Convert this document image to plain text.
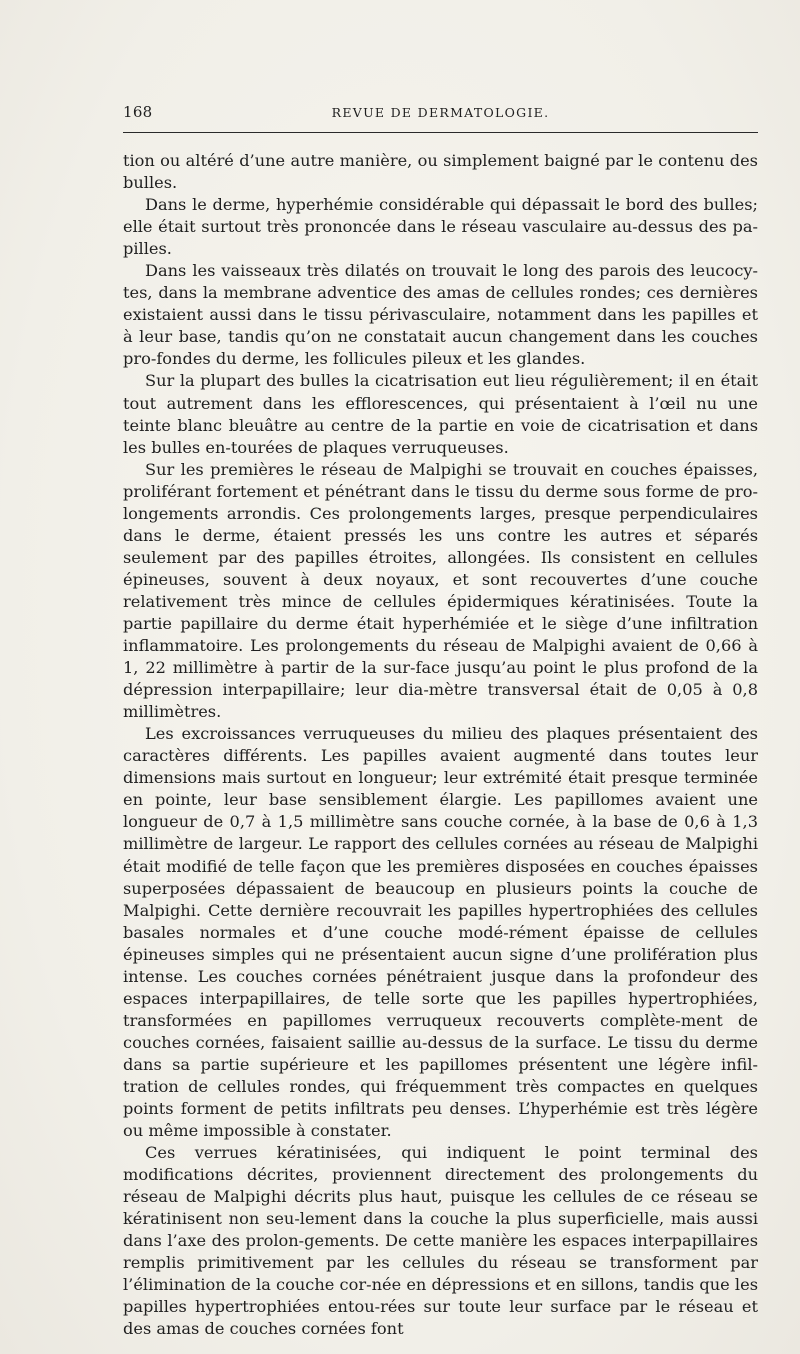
168	REVUE DE DERMATOLOGIE.

tion ou altéré d’une autre manière, ou simplement baigné par le contenu des bulles.

Dans le derme, hyperhémie considérable qui dépassait le bord des bulles; elle était surtout très prononcée dans le réseau vasculaire au-dessus des pa-pilles.

Dans les vaisseaux très dilatés on trouvait le long des parois des leucocy-tes, dans la membrane adventice des amas de cellules rondes; ces dernières existaient aussi dans le tissu périvasculaire, notamment dans les papilles et à leur base, tandis qu’on ne constatait aucun changement dans les couches pro-fondes du derme, les follicules pileux et les glandes.

Sur la plupart des bulles la cicatrisation eut lieu régulièrement; il en était tout autrement dans les efflorescences, qui présentaient à l’œil nu une teinte blanc bleuâtre au centre de la partie en voie de cicatrisation et dans les bulles en-tourées de plaques verruqueuses.

Sur les premières le réseau de Malpighi se trouvait en couches épaisses, proliférant fortement et pénétrant dans le tissu du derme sous forme de pro-longements arrondis. Ces prolongements larges, presque perpendiculaires dans le derme, étaient pressés les uns contre les autres et séparés seulement par des papilles étroites, allongées. Ils consistent en cellules épineuses, souvent à deux noyaux, et sont recouvertes d’une couche relativement très mince de cellules épidermiques kératinisées. Toute la partie papillaire du derme était hyperhémiée et le siège d’une infiltration inflammatoire. Les prolongements du réseau de Malpighi avaient de 0,66 à 1, 22 millimètre à partir de la sur-face jusqu’au point le plus profond de la dépression interpapillaire; leur dia-mètre transversal était de 0,05 à 0,8 millimètres.

Les excroissances verruqueuses du milieu des plaques présentaient des caractères différents. Les papilles avaient augmenté dans toutes leur dimensions mais surtout en longueur; leur extrémité était presque terminée en pointe, leur base sensiblement élargie. Les papillomes avaient une longueur de 0,7 à 1,5 millimètre sans couche cornée, à la base de 0,6 à 1,3 millimètre de largeur. Le rapport des cellules cornées au réseau de Malpighi était modifié de telle façon que les premières disposées en couches épaisses superposées dépassaient de beaucoup en plusieurs points la couche de Malpighi. Cette dernière recouvrait les papilles hypertrophiées des cellules basales normales et d’une couche modé-rément épaisse de cellules épineuses simples qui ne présentaient aucun signe d’une prolifération plus intense. Les couches cornées pénétraient jusque dans la profondeur des espaces interpapillaires, de telle sorte que les papilles hypertrophiées, transformées en papillomes verruqueux recouverts complète-ment de couches cornées, faisaient saillie au-dessus de la surface. Le tissu du derme dans sa partie supérieure et les papillomes présentent une légère infil-tration de cellules rondes, qui fréquemment très compactes en quelques points forment de petits infiltrats peu denses. L’hyperhémie est très légère ou même impossible à constater.

Ces verrues kératinisées, qui indiquent le point terminal des modifications décrites, proviennent directement des prolongements du réseau de Malpighi décrits plus haut, puisque les cellules de ce réseau se kératinisent non seu-lement dans la couche la plus superficielle, mais aussi dans l’axe des prolon-gements. De cette manière les espaces interpapillaires remplis primitivement par les cellules du réseau se transforment par l’élimination de la couche cor-née en dépressions et en sillons, tandis que les papilles hypertrophiées entou-rées sur toute leur surface par le réseau et des amas de couches cornées font
